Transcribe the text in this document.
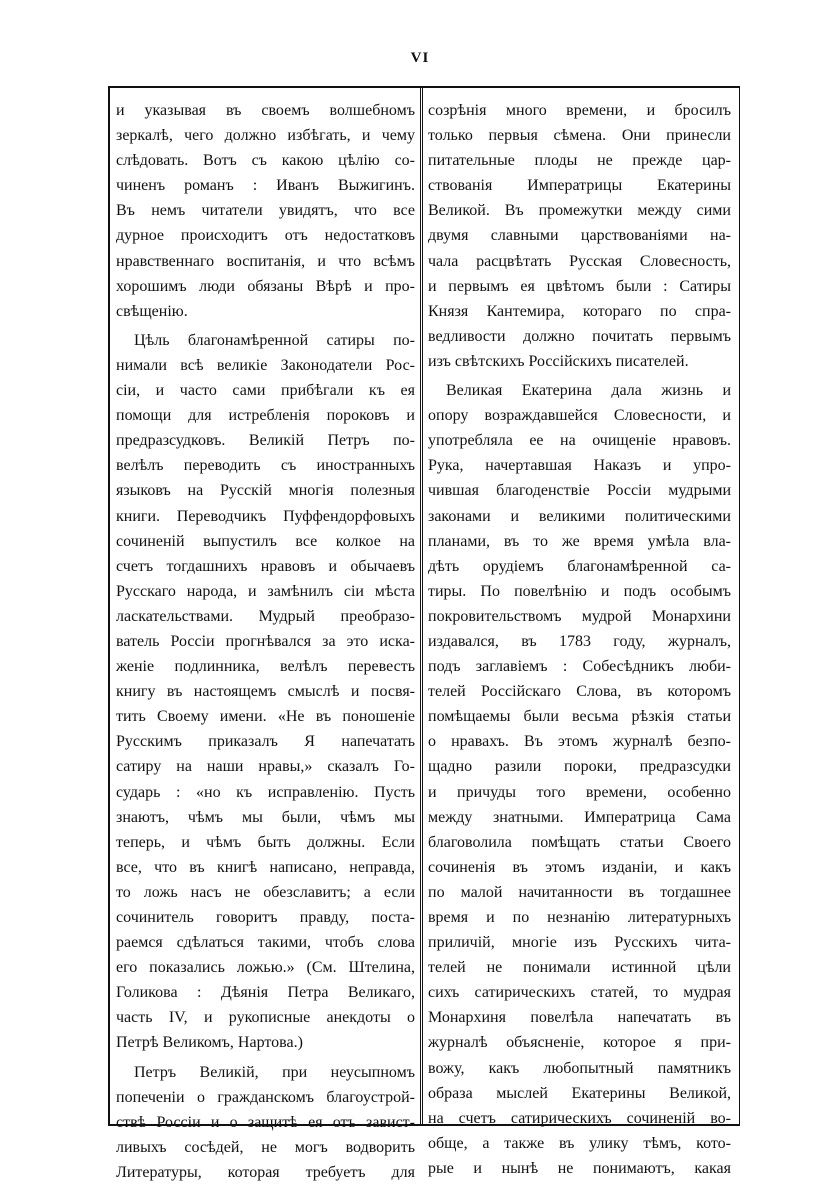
VI
и указывая въ своемъ волшебномъ
зеркалѣ, чего должно избѣгать, и чему
слѣдовать. Вотъ съ какою цѣлію со-
чиненъ романъ : Иванъ Выжигинъ.
Въ немъ читатели увидятъ, что все
дурное происходитъ отъ недостатковъ
нравственнаго воспитанія, и что всѣмъ
хорошимъ люди обязаны Вѣрѣ и про-
свѣщенію.
Цѣль благонамѣренной сатиры по-
нимали всѣ великіе Законодатели Рос-
сіи, и часто сами прибѣгали къ ея
помощи для истребленія пороковъ и
предразсудковъ. Великій Петръ по-
велѣлъ переводить съ иностранныхъ
языковъ на Русскій многія полезныя
книги. Переводчикъ Пуффендорфовыхъ
сочиненій выпустилъ все колкое на
счетъ тогдашнихъ нравовъ и обычаевъ
Русскаго народа, и замѣнилъ сіи мѣста
ласкательствами. Мудрый преобразо-
ватель Россіи прогнѣвался за это иска-
женіе подлинника, велѣлъ перевесть
книгу въ настоящемъ смыслѣ и посвя-
тить Своему имени. «Не въ поношеніе
Русскимъ приказалъ Я напечатать
сатиру на наши нравы,» сказалъ Го-
сударь : «но къ исправленію. Пусть
знаютъ, чѣмъ мы были, чѣмъ мы
теперь, и чѣмъ быть должны. Если
все, что въ книгѣ написано, неправда,
то ложь насъ не обезславитъ; а если
сочинитель говоритъ правду, поста-
раемся сдѣлаться такими, чтобъ слова
его показались ложью.» (См. Штелина,
Голикова : Дѣянія Петра Великаго,
часть IV, и рукописные анекдоты о
Петрѣ Великомъ, Нартова.)
Петръ Великій, при неусыпномъ
попеченіи о гражданскомъ благоустрой-
ствѣ Россіи и о защитѣ ея отъ завист-
ливыхъ сосѣдей, не могъ водворить
Литературы, которая требуетъ для
созрѣнія много времени, и бросилъ
только первыя сѣмена. Они принесли
питательные плоды не прежде цар-
ствованія Императрицы Екатерины
Великой. Въ промежутки между сими
двумя славными царствованіями на-
чала расцвѣтать Русская Словесность,
и первымъ ея цвѣтомъ были : Сатиры
Князя Кантемира, котораго по спра-
ведливости должно почитать первымъ
изъ свѣтскихъ Россійскихъ писателей.
Великая Екатерина дала жизнь и
опору возраждавшейся Словесности, и
употребляла ее на очищеніе нравовъ.
Рука, начертавшая Наказъ и упро-
чившая благоденствіе Россіи мудрыми
законами и великими политическими
планами, въ то же время умѣла вла-
дѣть орудіемъ благонамѣренной са-
тиры. По повелѣнію и подъ особымъ
покровительствомъ мудрой Монархини
издавался, въ 1783 году, журналъ,
подъ заглавіемъ : Собесѣдникъ люби-
телей Россійскаго Слова, въ которомъ
помѣщаемы были весьма рѣзкія статьи
о нравахъ. Въ этомъ журналѣ безпо-
щадно разили пороки, предразсудки
и причуды того времени, особенно
между знатными. Императрица Сама
благоволила помѣщать статьи Своего
сочиненія въ этомъ изданіи, и какъ
по малой начитанности въ тогдашнее
время и по незнанію литературныхъ
приличій, многіе изъ Русскихъ чита-
телей не понимали истинной цѣли
сихъ сатирическихъ статей, то мудрая
Монархиня повелѣла напечатать въ
журналѣ объясненіе, которое я при-
вожу, какъ любопытный памятникъ
образа мыслей Екатерины Великой,
на счетъ сатирическихъ сочиненій во-
обще, а также въ улику тѣмъ, кото-
рые и нынѣ не понимаютъ, какая
